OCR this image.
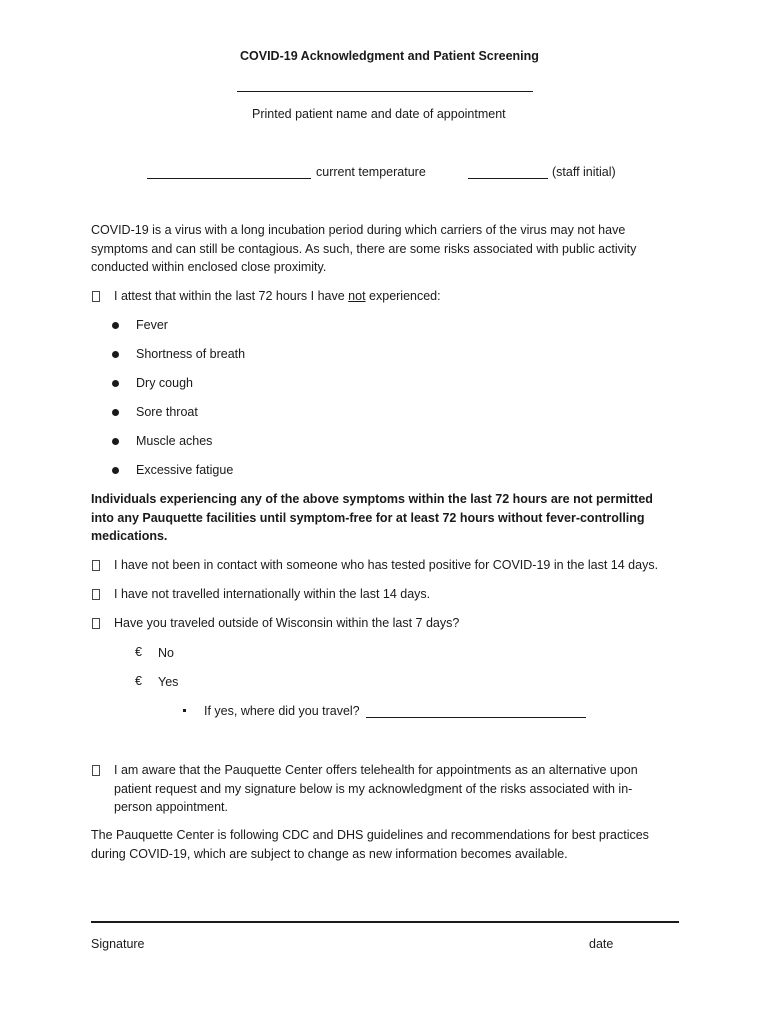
COVID-19 Acknowledgment and Patient Screening
Printed patient name and date of appointment
current temperature	(staff initial)
COVID-19 is a virus with a long incubation period during which carriers of the virus may not have symptoms and can still be contagious. As such, there are some risks associated with public activity conducted within enclosed close proximity.
I attest that within the last 72 hours I have not experienced:
Fever
Shortness of breath
Dry cough
Sore throat
Muscle aches
Excessive fatigue
Individuals experiencing any of the above symptoms within the last 72 hours are not permitted into any Pauquette facilities until symptom-free for at least 72 hours without fever-controlling medications.
I have not been in contact with someone who has tested positive for COVID-19 in the last 14 days.
I have not travelled internationally within the last 14 days.
Have you traveled outside of Wisconsin within the last 7 days?
€ No
€ Yes
If yes, where did you travel?
I am aware that the Pauquette Center offers telehealth for appointments as an alternative upon patient request and my signature below is my acknowledgment of the risks associated with in-person appointment.
The Pauquette Center is following CDC and DHS guidelines and recommendations for best practices during COVID-19, which are subject to change as new information becomes available.
Signature	date
